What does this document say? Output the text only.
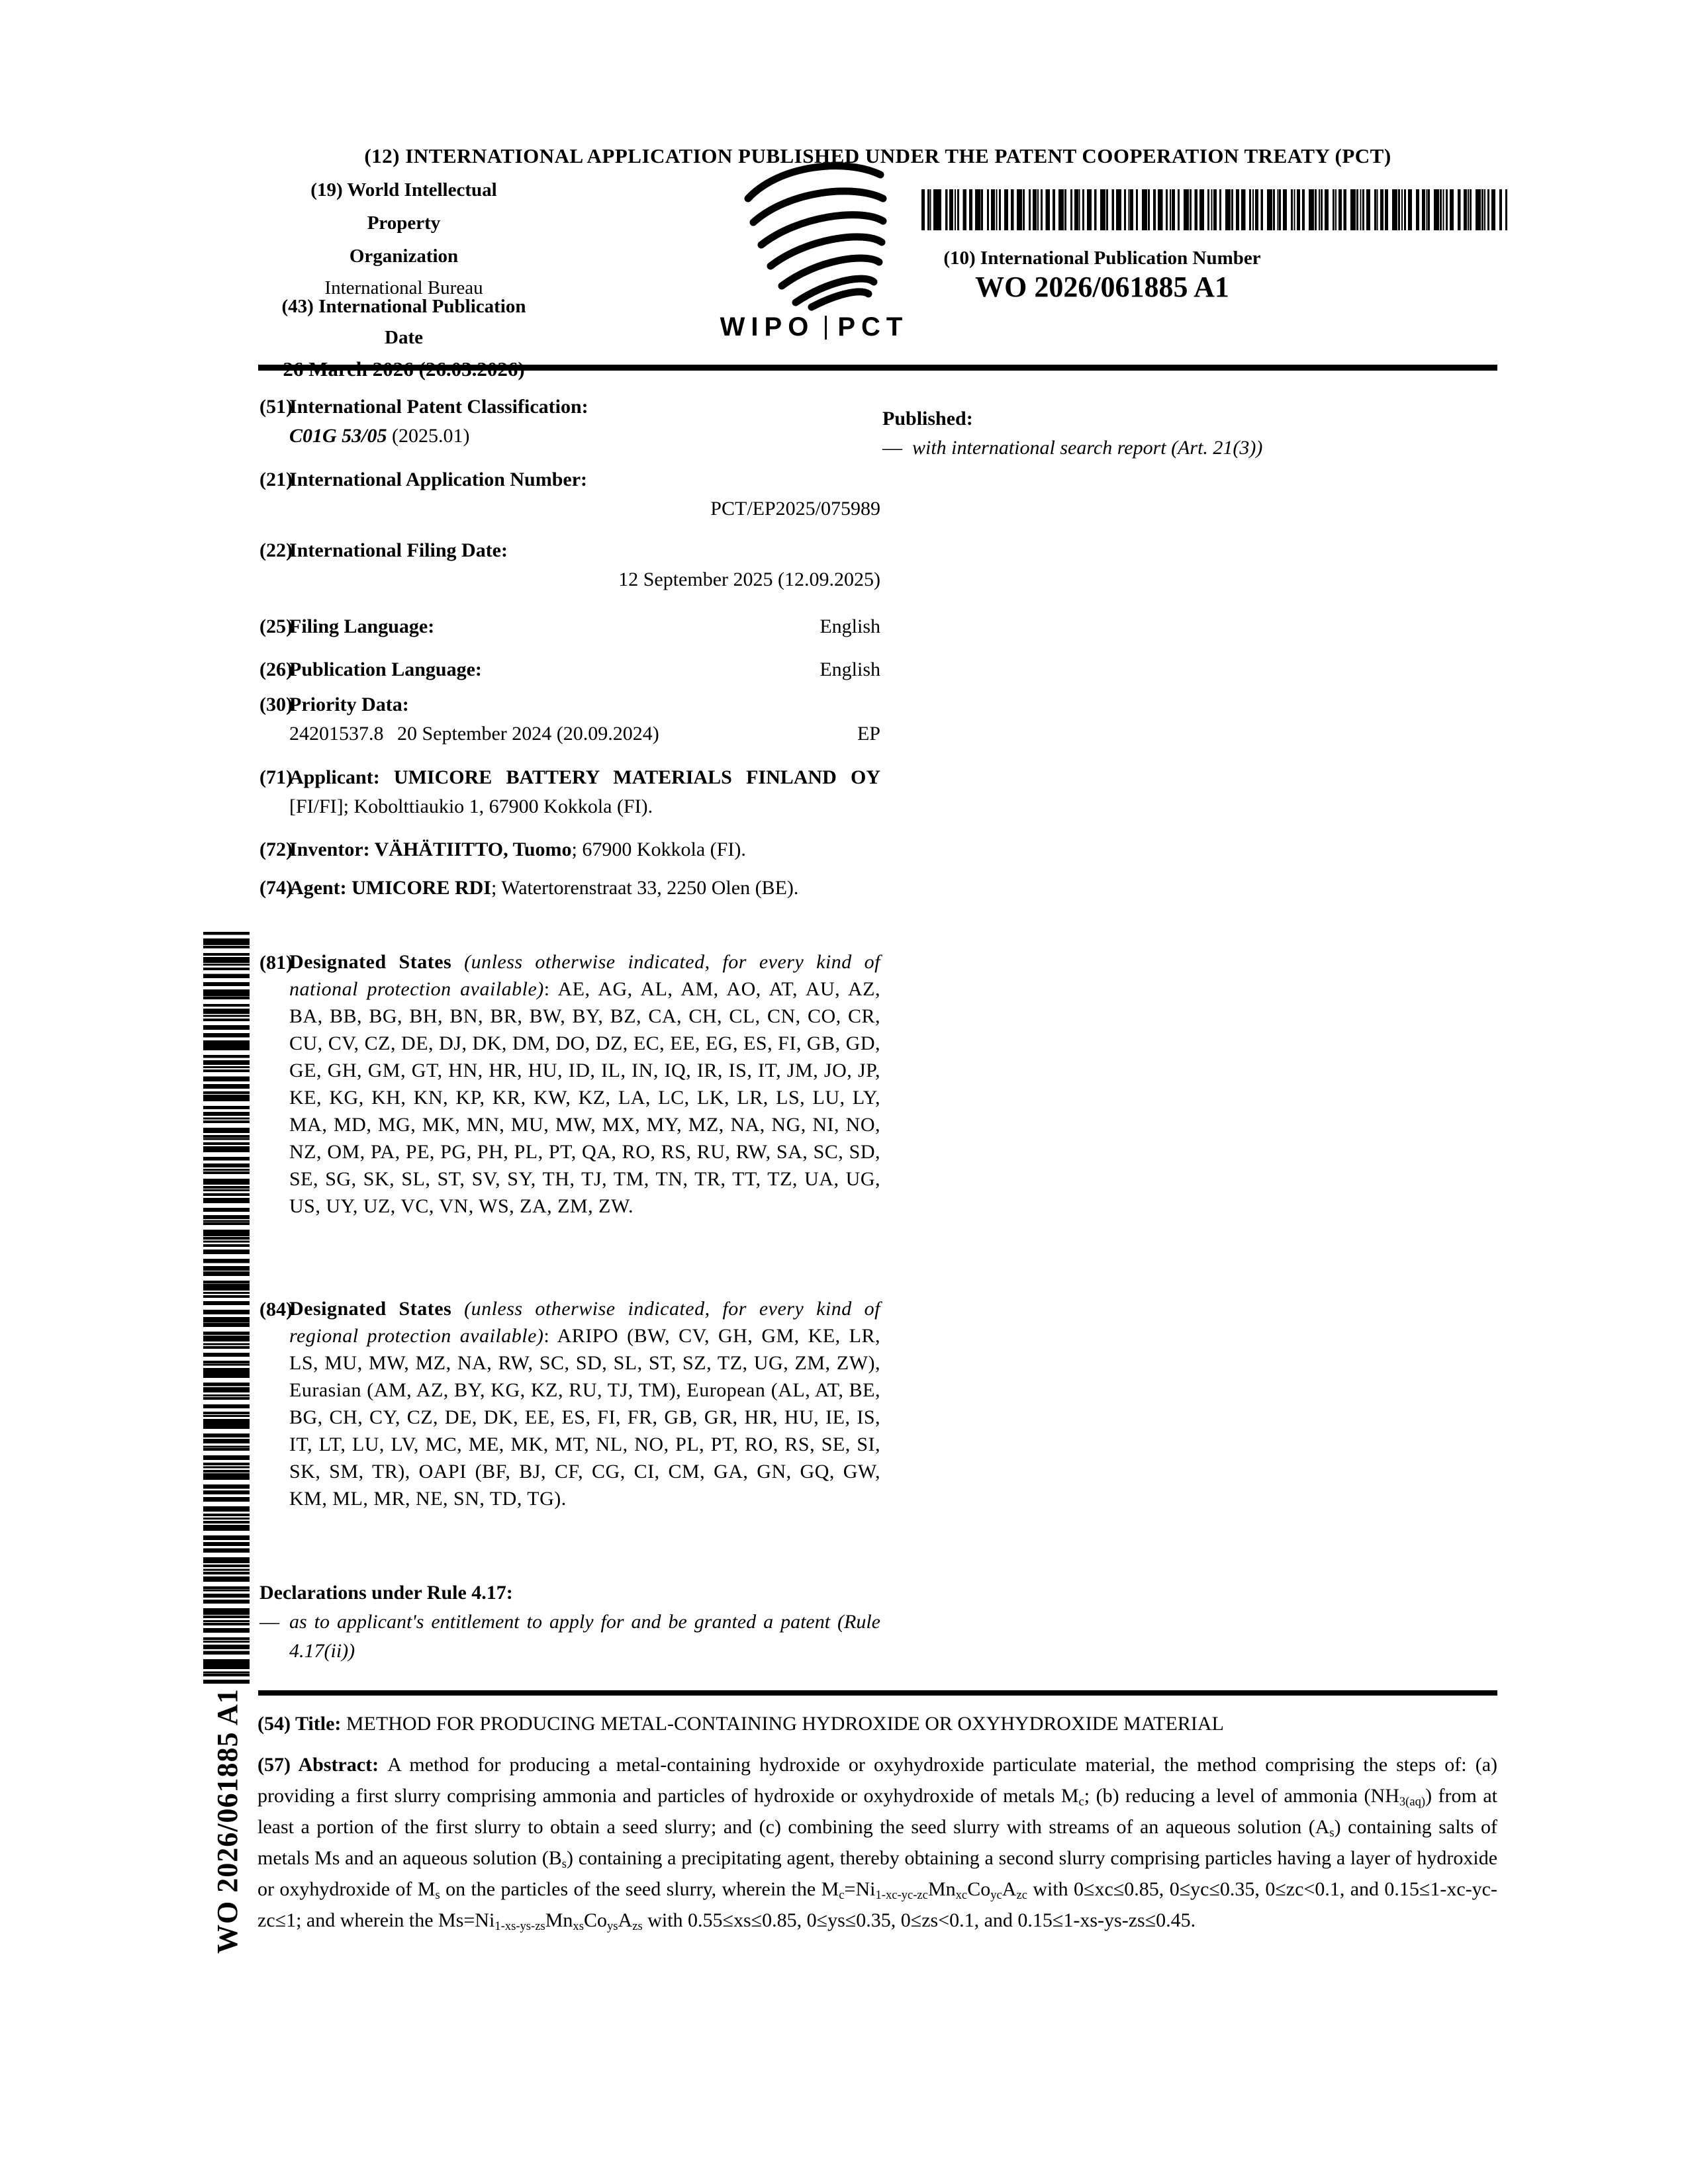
(12) INTERNATIONAL APPLICATION PUBLISHED UNDER THE PATENT COOPERATION TREATY (PCT)
(19) World Intellectual Property
Organization
International Bureau
(43) International Publication Date	WIPO PCT
(10) International Publication Number
WO 2026/061885 A1
(51)
International Patent Classification:
C01G 53/05 (2025.01)
(21)
International Application Number:
PCT/EP2025/075989
(22)
International Filing Date:
12 September 2025 (12.09.2025)
(25)
Filing Language:	English
(26)
Publication Language:	English
(30)
Priority Data:
24201537.8 20 September 2024 (20.09.2024)	EP
(71)
Applicant: UMICORE BATTERY MATERIALS FINLAND OY [FI/FI]; Kobolttiaukio 1, 67900 Kokkola (FI).
(72)
Inventor: VÄHÄTIITTO, Tuomo; 67900 Kokkola (FI).
(74)
Agent: UMICORE RDI; Watertorenstraat 33, 2250 Olen (BE).
(81)
Designated States (unless otherwise indicated, for every kind of national protection available): AE, AG, AL, AM, AO, AT, AU, AZ, BA, BB, BG, BH, BN, BR, BW, BY, BZ, CA, CH, CL, CN, CO, CR, CU, CV, CZ, DE, DJ, DK, DM, DO, DZ, EC, EE, EG, ES, FI, GB, GD, GE, GH, GM, GT, HN, HR, HU, ID, IL, IN, IQ, IR, IS, IT, JM, JO, JP, KE, KG, KH, KN, KP, KR, KW, KZ, LA, LC, LK, LR, LS, LU, LY, MA, MD, MG, MK, MN, MU, MW, MX, MY, MZ, NA, NG, NI, NO, NZ, OM, PA, PE, PG, PH, PL, PT, QA, RO, RS, RU, RW, SA, SC, SD, SE, SG, SK, SL, ST, SV, SY, TH, TJ, TM, TN, TR, TT, TZ, UA, UG, US, UY, UZ, VC, VN, WS, ZA, ZM, ZW.
(84)
Designated States (unless otherwise indicated, for every kind of regional protection available): ARIPO (BW, CV, GH, GM, KE, LR, LS, MU, MW, MZ, NA, RW, SC, SD, SL, ST, SZ, TZ, UG, ZM, ZW), Eurasian (AM, AZ, BY, KG, KZ, RU, TJ, TM), European (AL, AT, BE, BG, CH, CY, CZ, DE, DK, EE, ES, FI, FR, GB, GR, HR, HU, IE, IS, IT, LT, LU, LV, MC, ME, MK, MT, NL, NO, PL, PT, RO, RS, SE, SI, SK, SM, TR), OAPI (BF, BJ, CF, CG, CI, CM, GA, GN, GQ, GW, KM, ML, MR, NE, SN, TD, TG).
Declarations under Rule 4.17:
— as to applicant's entitlement to apply for and be granted a patent (Rule 4.17(ii))
Published:
— with international search report (Art. 21(3))
WO 2026/061885 A1 (54) Title: METHOD FOR PRODUCING METAL-CONTAINING HYDROXIDE OR OXYHYDROXIDE MATERIAL
(57) Abstract: A method for producing a metal-containing hydroxide or oxyhydroxide particulate material, the method comprising the steps of: (a) providing a first slurry comprising ammonia and particles of hydroxide or oxyhydroxide of metals $M_c$; (b) reducing a level of ammonia $(NH_{3(aq)})$ from at least a portion of the first slurry to obtain a seed slurry; and (c) combining the seed slurry with streams of an aqueous solution $(A_s)$ containing salts of metals Ms and an aqueous solution $(B_s)$ containing a precipitating agent, thereby obtaining a second slurry comprising particles having a layer of hydroxide or oxyhydroxide of $M_s$ on the particles of the seed slurry, wherein the $M_c=Ni_{1-xc-yc-zc}Mn_{xc}Co_{yc}A_{zc}$ with 0≤xc≤0.85, 0≤yc≤0.35, 0≤zc<0.1, and 0.15≤1-xc-yc-zc≤1; and wherein the $Ms=Ni_{1-xs-ys-zs}Mn_{xs}Co_{ys}A_{zs}$ with 0.55≤xs≤0.85, 0≤ys≤0.35, 0≤zs<0.1, and 0.15≤1-xs-ys-zs≤0.45.
